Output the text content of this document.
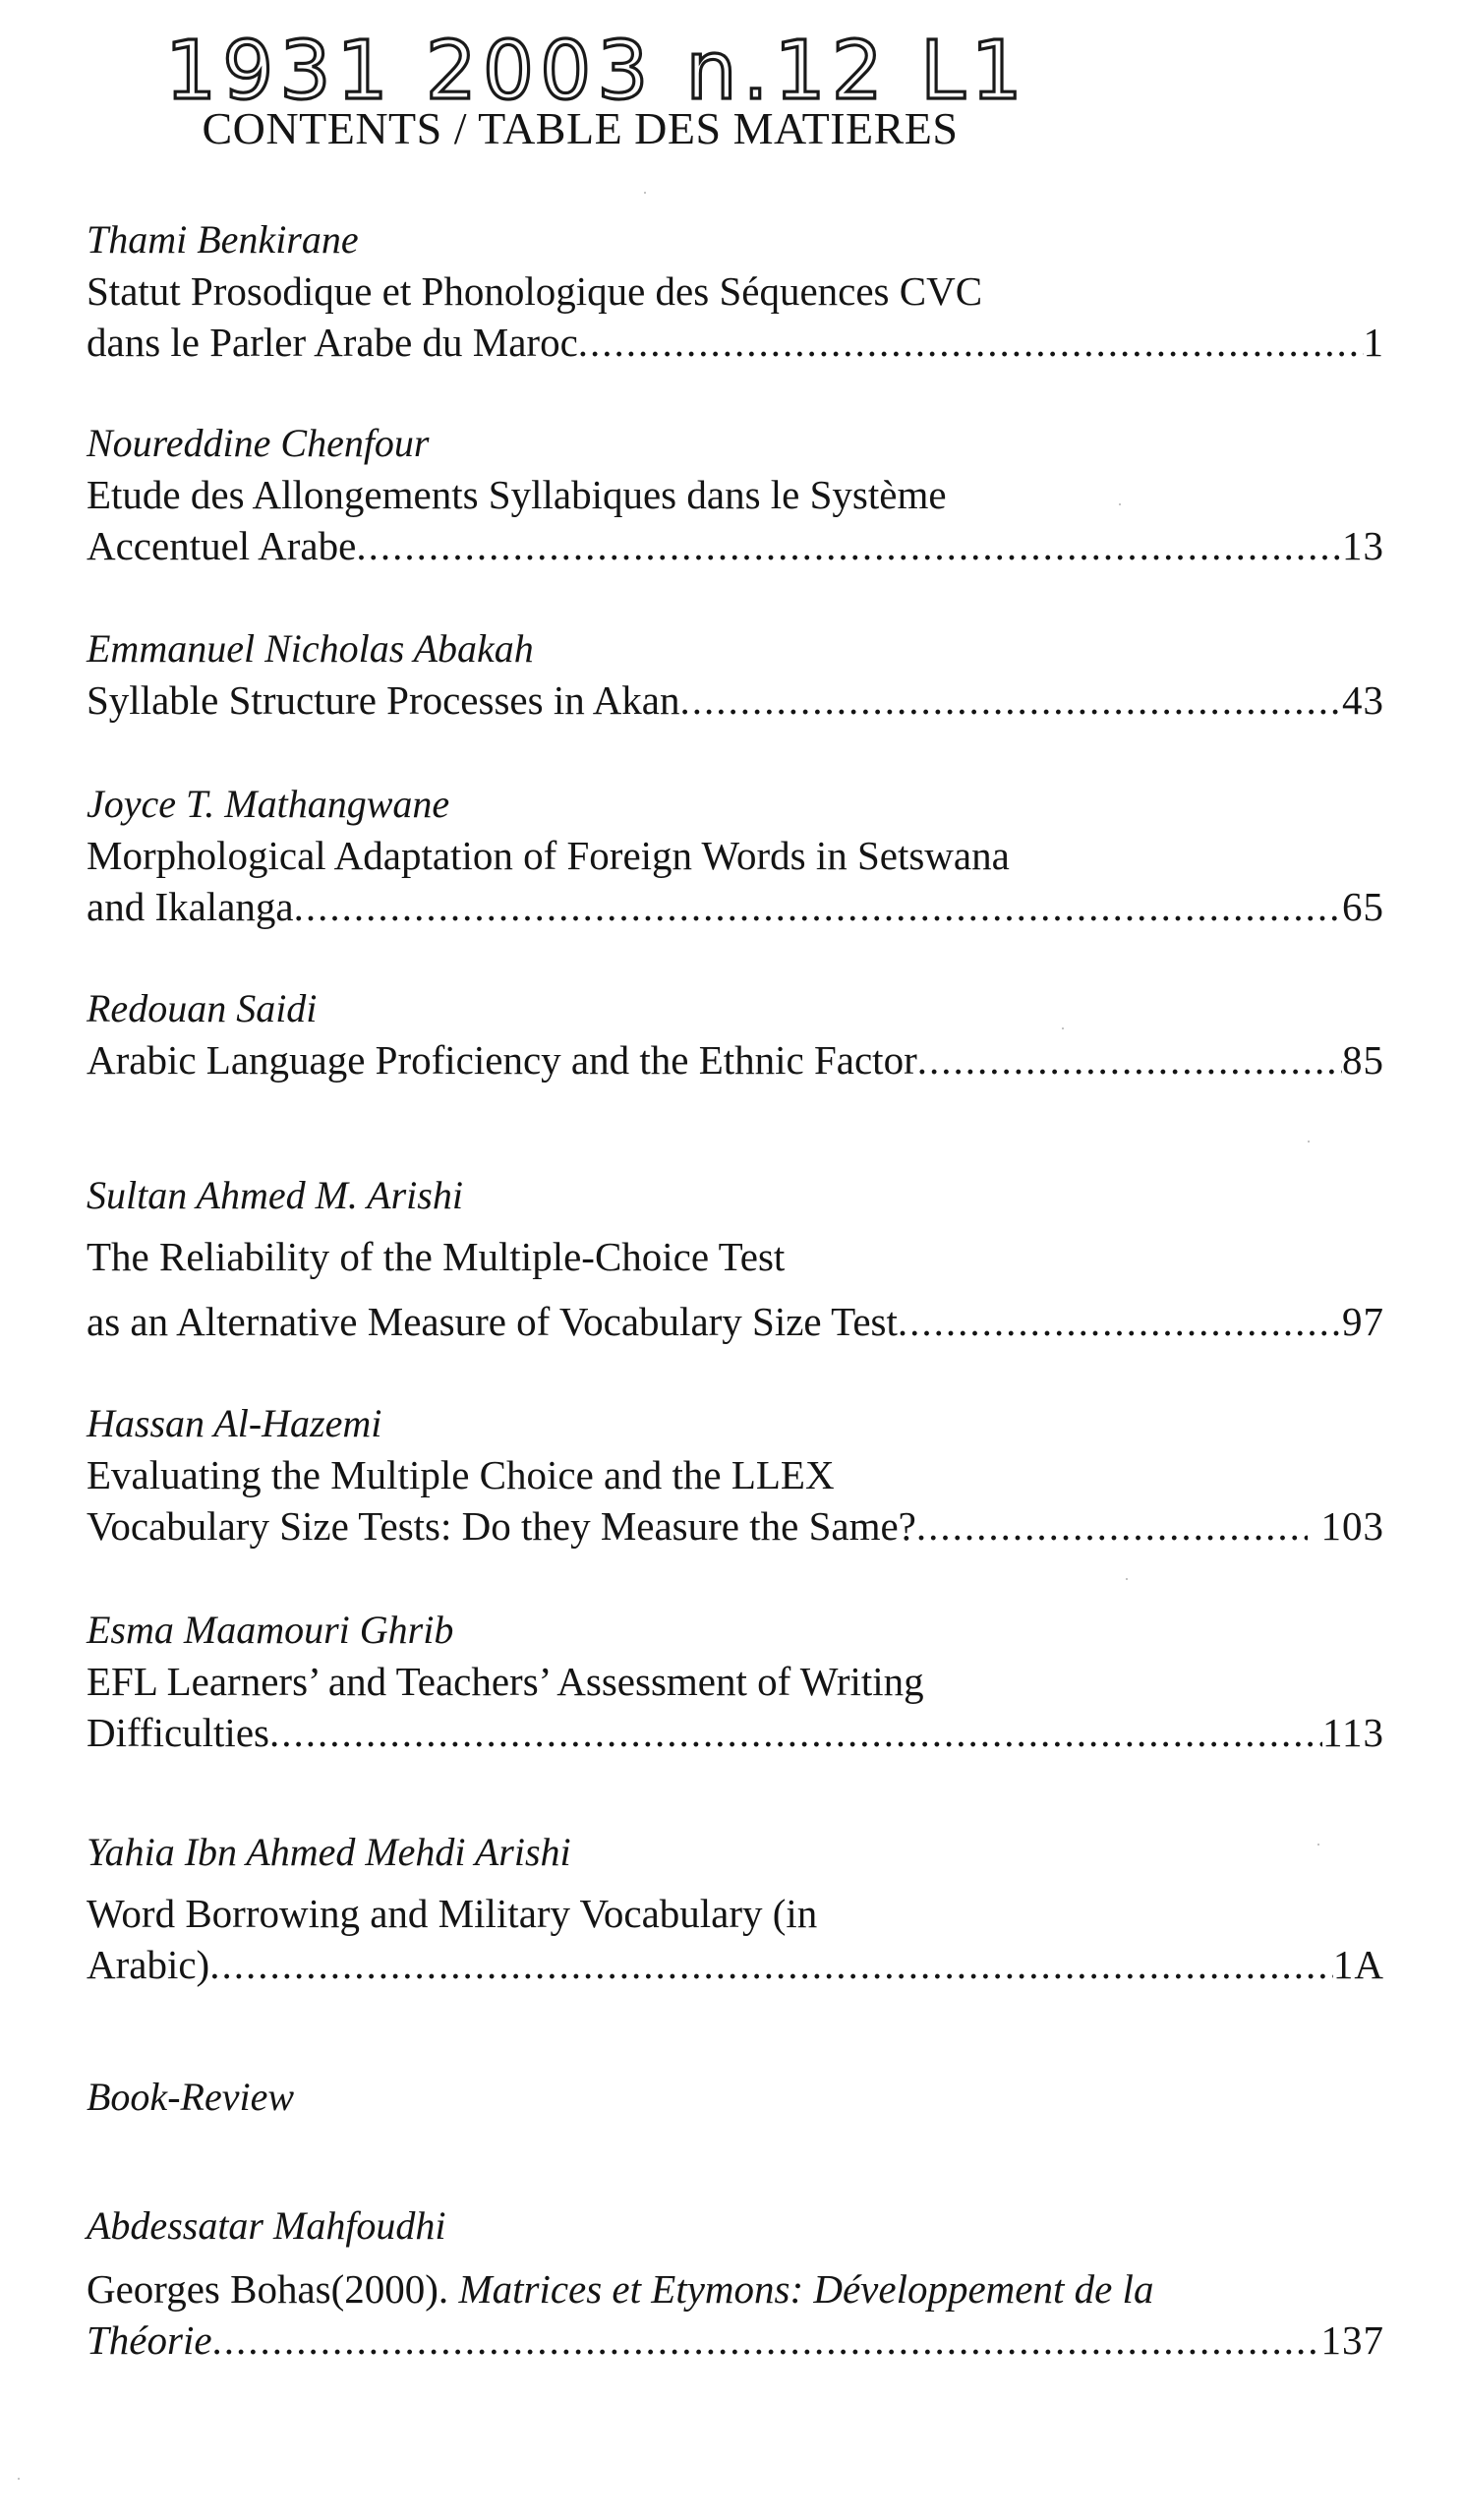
1931 2003 n.12 L1
CONTENTS / TABLE DES MATIERES
Thami Benkirane
Statut Prosodique et Phonologique des Séquences CVC
dans le Parler Arabe du Maroc .....	1
Noureddine Chenfour
Etude des Allongements Syllabiques dans le Système
Accentuel Arabe .....	13
Emmanuel Nicholas Abakah
Syllable Structure Processes in Akan .....	43
Joyce T. Mathangwane
Morphological Adaptation of Foreign Words in Setswana
and Ikalanga .....	65
Redouan Saidi
Arabic Language Proficiency and the Ethnic Factor .....	85
Sultan Ahmed M. Arishi
The Reliability of the Multiple-Choice Test
as an Alternative Measure of Vocabulary Size Test .....	97
Hassan Al-Hazemi
Evaluating the Multiple Choice and the LLEX
Vocabulary Size Tests: Do they Measure the Same? .....	103
Esma Maamouri Ghrib
EFL Learners’ and Teachers’ Assessment of Writing
Difficulties .....	113
Yahia Ibn Ahmed Mehdi Arishi
Word Borrowing and Military Vocabulary (in
Arabic) .....	1A
Book-Review
Abdessatar Mahfoudhi
Georges Bohas(2000). Matrices et Etymons: Développement de la
Théorie .....	137
